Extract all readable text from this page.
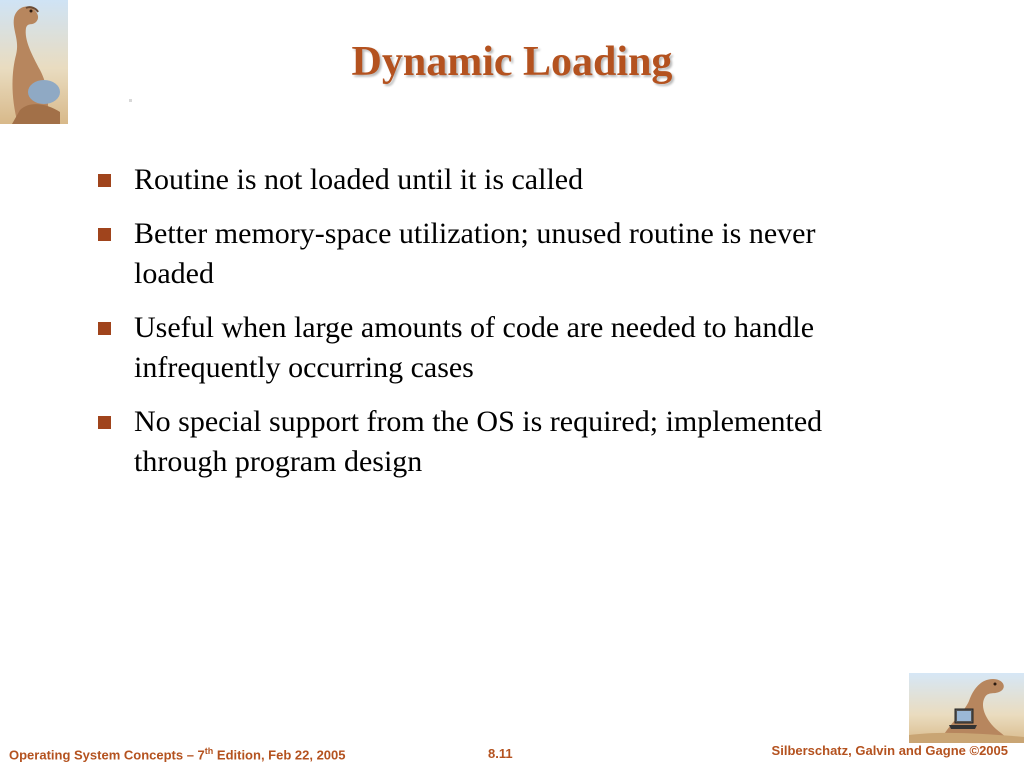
Dynamic Loading
Routine is not loaded until it is called
Better memory-space utilization; unused routine is never loaded
Useful when large amounts of code are needed to handle infrequently occurring cases
No special support from the OS is required; implemented through program design
Operating System Concepts – 7th Edition, Feb 22, 2005	8.11	Silberschatz, Galvin and Gagne ©2005
